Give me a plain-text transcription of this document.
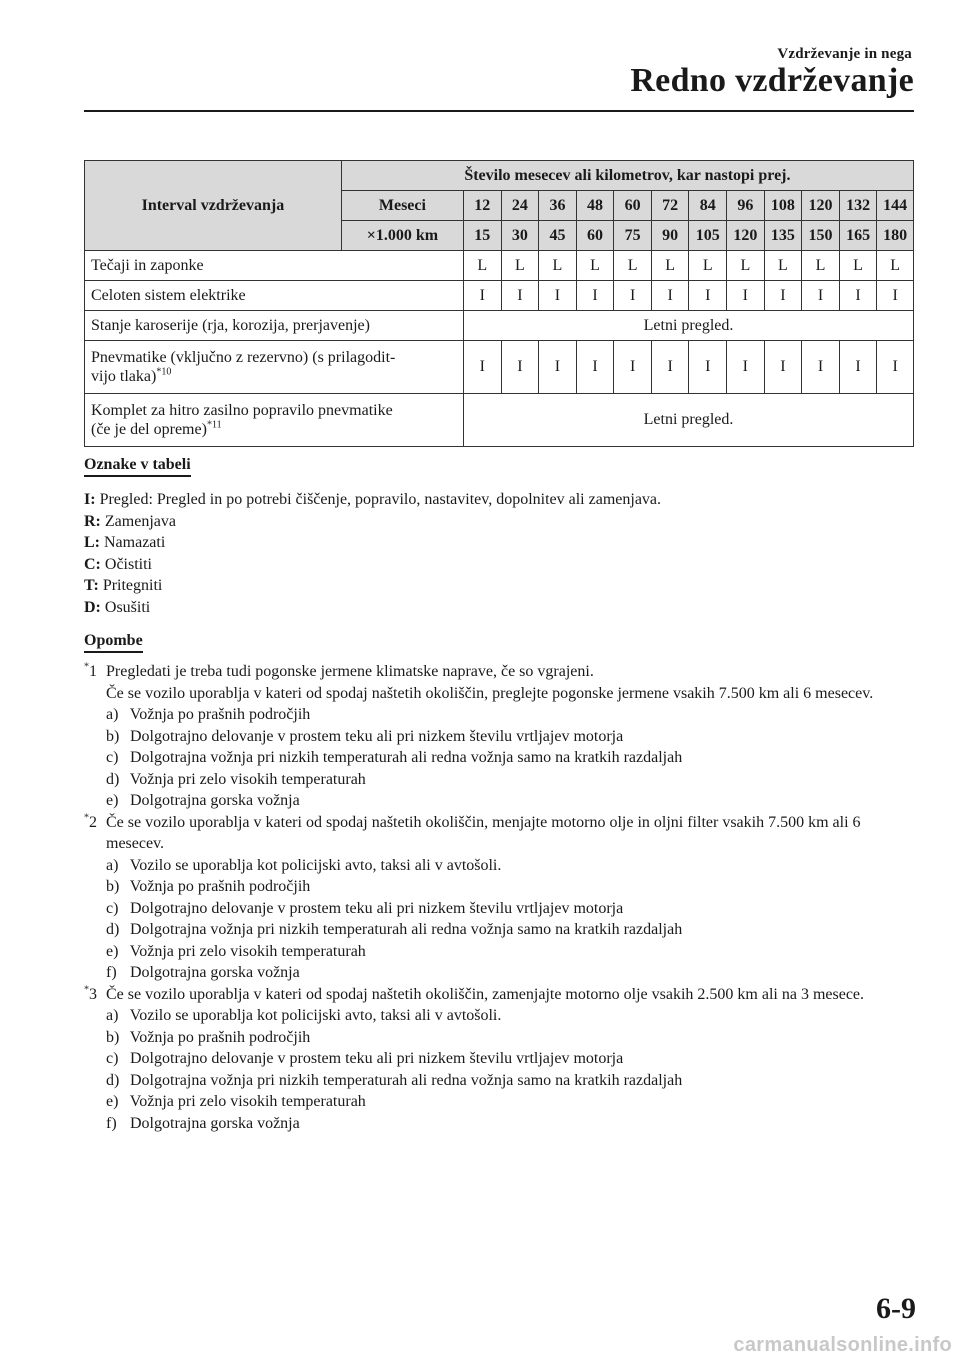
Vzdrževanje in nega
Redno vzdrževanje
Interval vzdrževanja	Število mesecev ali kilometrov, kar nastopi prej.												
	Meseci	12	24	36	48	60	72	84	96	108	120	132	144
	×1.000 km	15	30	45	60	75	90	105	120	135	150	165	180
Tečaji in zaponke		L	L	L	L	L	L	L	L	L	L	L	L
Celoten sistem elektrike		I	I	I	I	I	I	I	I	I	I	I	I
Stanje karoserije (rja, korozija, prerjavenje)		Letni pregled.											
Pnevmatike (vključno z rezervno) (s prilagodit-
vijo tlaka)$^{*10}$		I	I	I	I	I	I	I	I	I	I	I	I
Komplet za hitro zasilno popravilo pnevmatike
(če je del opreme)$^{*11}$		Letni pregled.											
Oznake v tabeli
I: Pregled: Pregled in po potrebi čiščenje, popravilo, nastavitev, dopolnitev ali zamenjava.
R: Zamenjava
L: Namazati
C: Očistiti
T: Pritegniti
D: Osušiti
Opombe
*1 Pregledati je treba tudi pogonske jermene klimatske naprave, če so vgrajeni.
Če se vozilo uporablja v kateri od spodaj naštetih okoliščin, preglejte pogonske jermene vsakih 7.500 km ali 6 mesecev.
a) Vožnja po prašnih področjih
b) Dolgotrajno delovanje v prostem teku ali pri nizkem številu vrtljajev motorja
c) Dolgotrajna vožnja pri nizkih temperaturah ali redna vožnja samo na kratkih razdaljah
d) Vožnja pri zelo visokih temperaturah
e) Dolgotrajna gorska vožnja
*2 Če se vozilo uporablja v kateri od spodaj naštetih okoliščin, menjajte motorno olje in oljni filter vsakih 7.500 km ali 6 mesecev.
a) Vozilo se uporablja kot policijski avto, taksi ali v avtošoli.
b) Vožnja po prašnih področjih
c) Dolgotrajno delovanje v prostem teku ali pri nizkem številu vrtljajev motorja
d) Dolgotrajna vožnja pri nizkih temperaturah ali redna vožnja samo na kratkih razdaljah
e) Vožnja pri zelo visokih temperaturah
f) Dolgotrajna gorska vožnja
*3 Če se vozilo uporablja v kateri od spodaj naštetih okoliščin, zamenjajte motorno olje vsakih 2.500 km ali na 3 mesece.
a) Vozilo se uporablja kot policijski avto, taksi ali v avtošoli.
b) Vožnja po prašnih področjih
c) Dolgotrajno delovanje v prostem teku ali pri nizkem številu vrtljajev motorja
d) Dolgotrajna vožnja pri nizkih temperaturah ali redna vožnja samo na kratkih razdaljah
e) Vožnja pri zelo visokih temperaturah
f) Dolgotrajna gorska vožnja
6-9
carmanualsonline.info
